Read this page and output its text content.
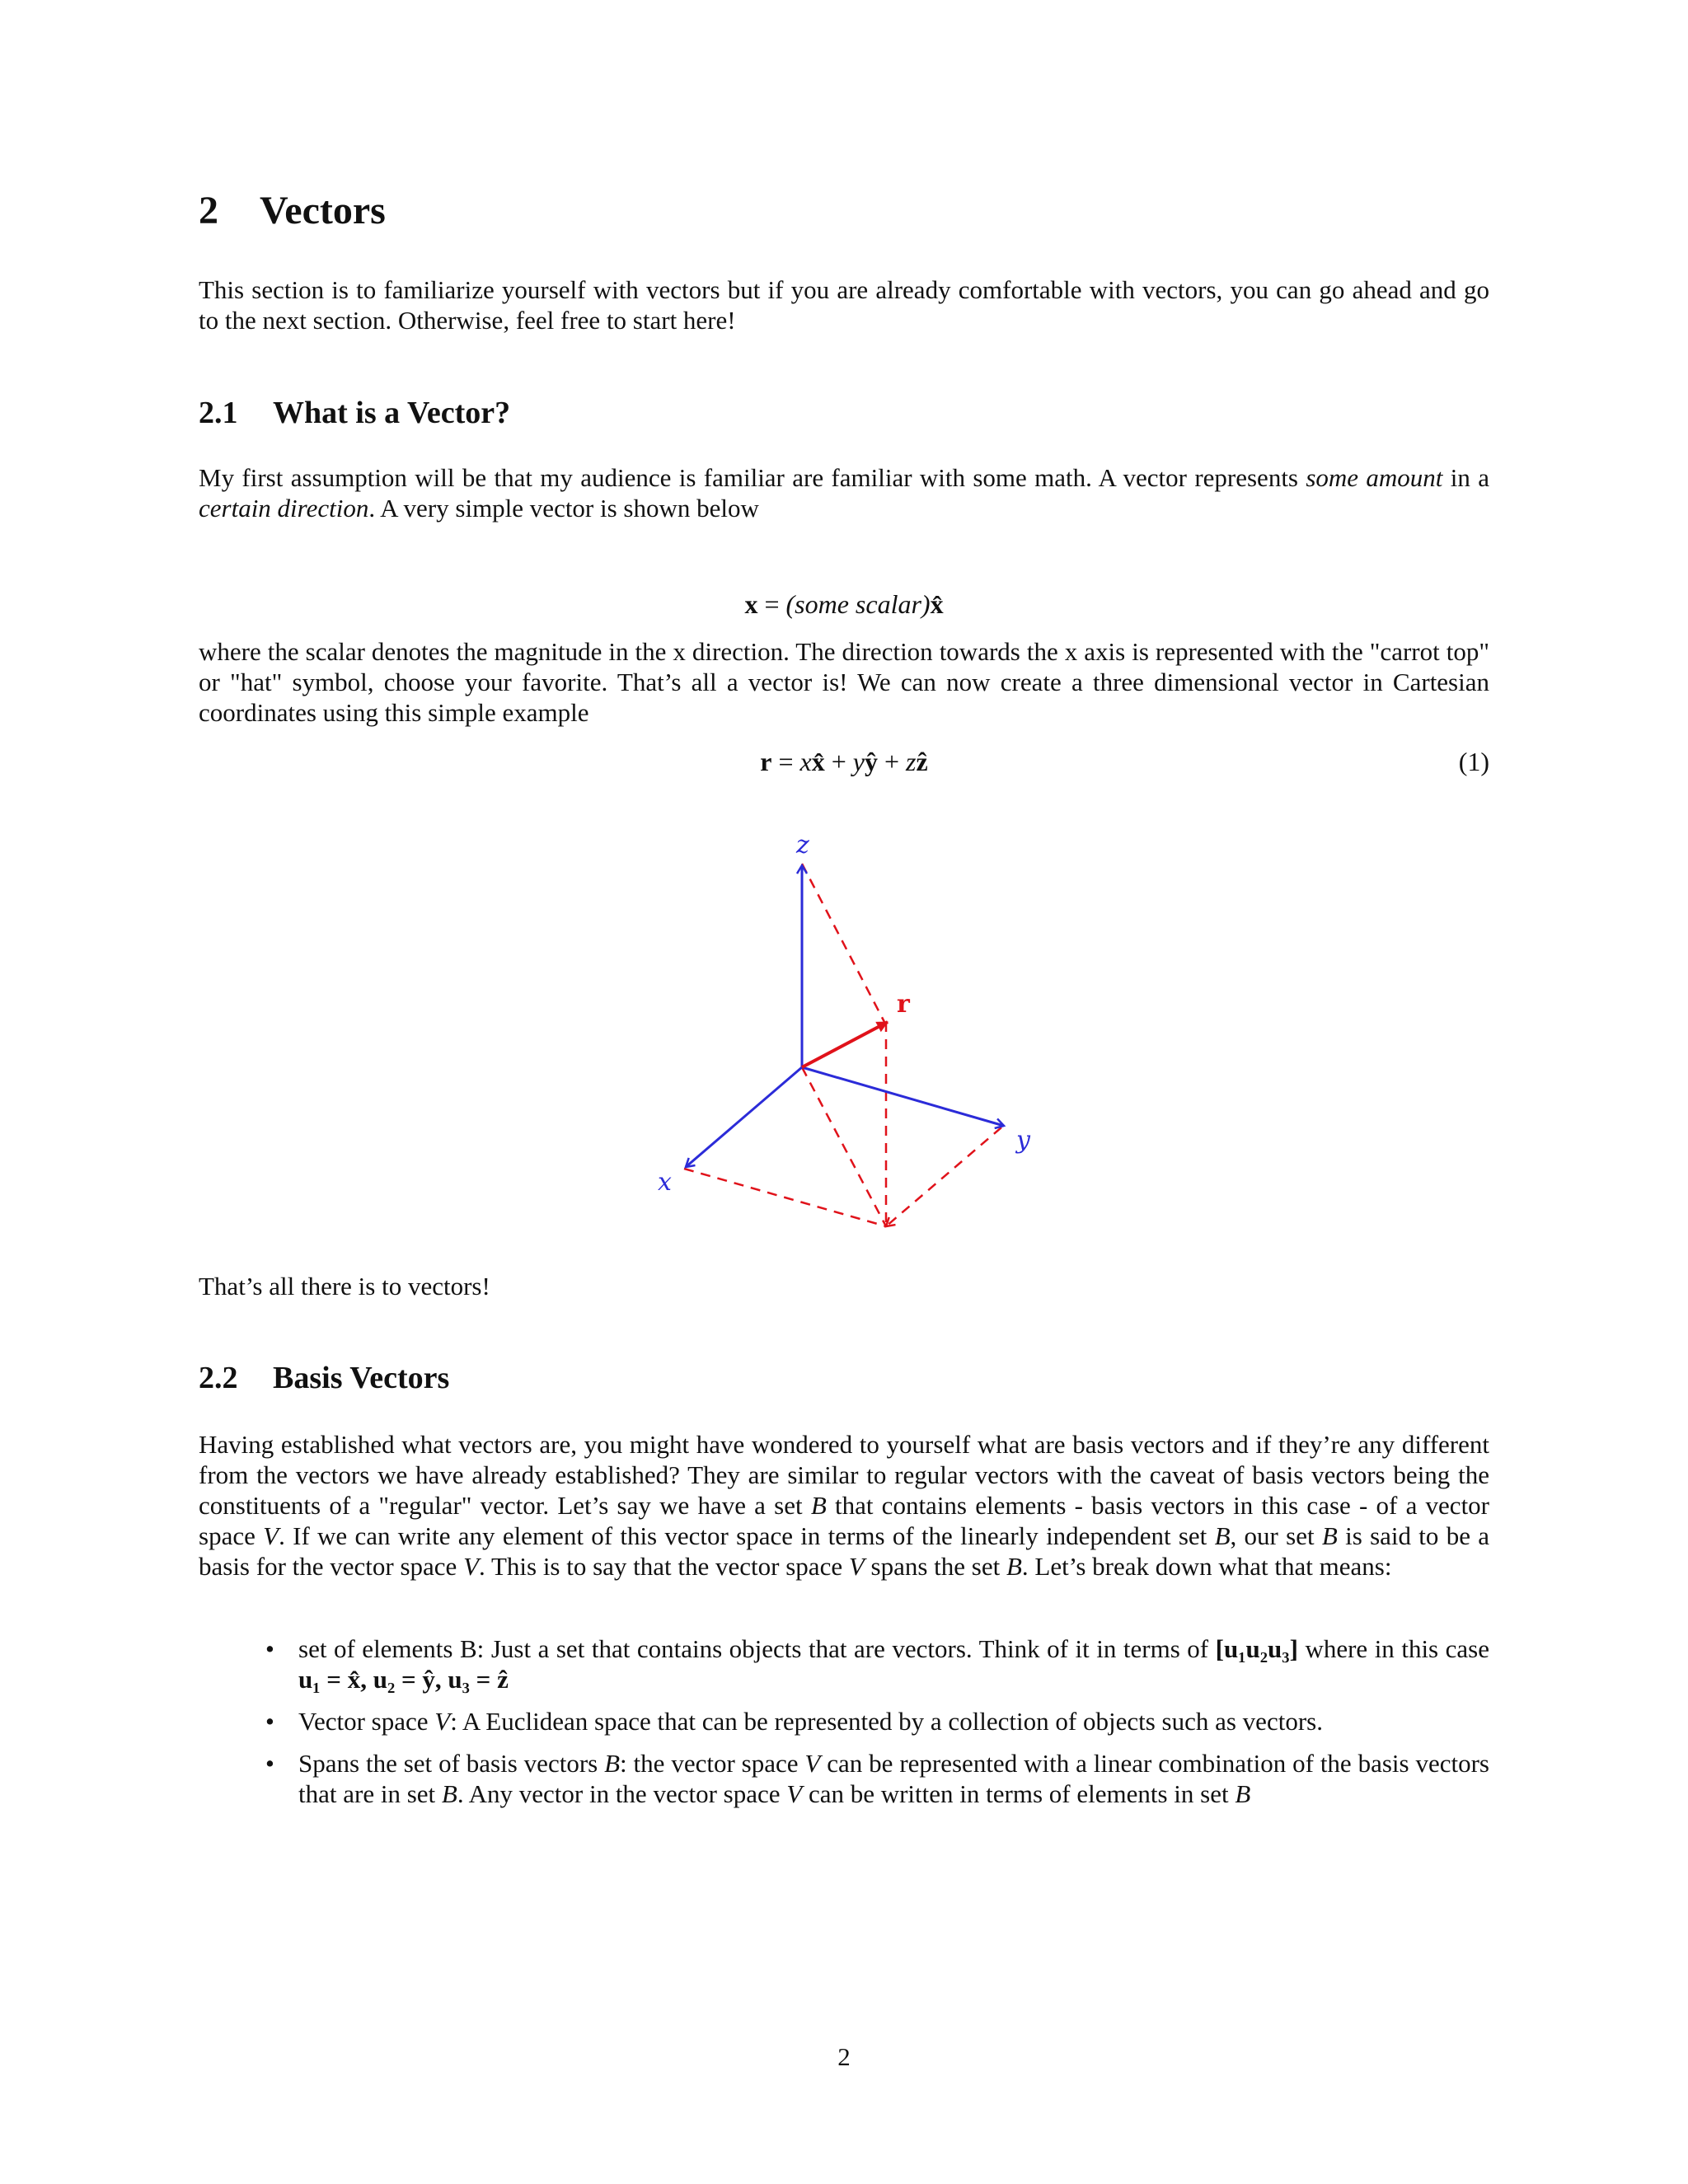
2 Vectors
This section is to familiarize yourself with vectors but if you are already comfortable with vectors, you can go ahead and go to the next section. Otherwise, feel free to start here!
2.1 What is a Vector?
My first assumption will be that my audience is familiar are familiar with some math. A vector represents some amount in a certain direction. A very simple vector is shown below
x = (some scalar)x̂
where the scalar denotes the magnitude in the x direction. The direction towards the x axis is represented with the "carrot top" or "hat" symbol, choose your favorite. That’s all a vector is! We can now create a three dimensional vector in Cartesian coordinates using this simple example
r = xx̂ + yŷ + zẑ	(1)
z
y
x
r
That’s all there is to vectors!
2.2 Basis Vectors
Having established what vectors are, you might have wondered to yourself what are basis vectors and if they’re any different from the vectors we have already established? They are similar to regular vectors with the caveat of basis vectors being the constituents of a "regular" vector. Let’s say we have a set B that contains elements - basis vectors in this case - of a vector space V. If we can write any element of this vector space in terms of the linearly independent set B, our set B is said to be a basis for the vector space V. This is to say that the vector space V spans the set B. Let’s break down what that means:
• set of elements B: Just a set that contains objects that are vectors. Think of it in terms of [u₁u₂u₃] where in this case u₁ = x̂, u₂ = ŷ, u₃ = ẑ
• Vector space V: A Euclidean space that can be represented by a collection of objects such as vectors.
• Spans the set of basis vectors B: the vector space V can be represented with a linear combination of the basis vectors that are in set B. Any vector in the vector space V can be written in terms of elements in set B
2
